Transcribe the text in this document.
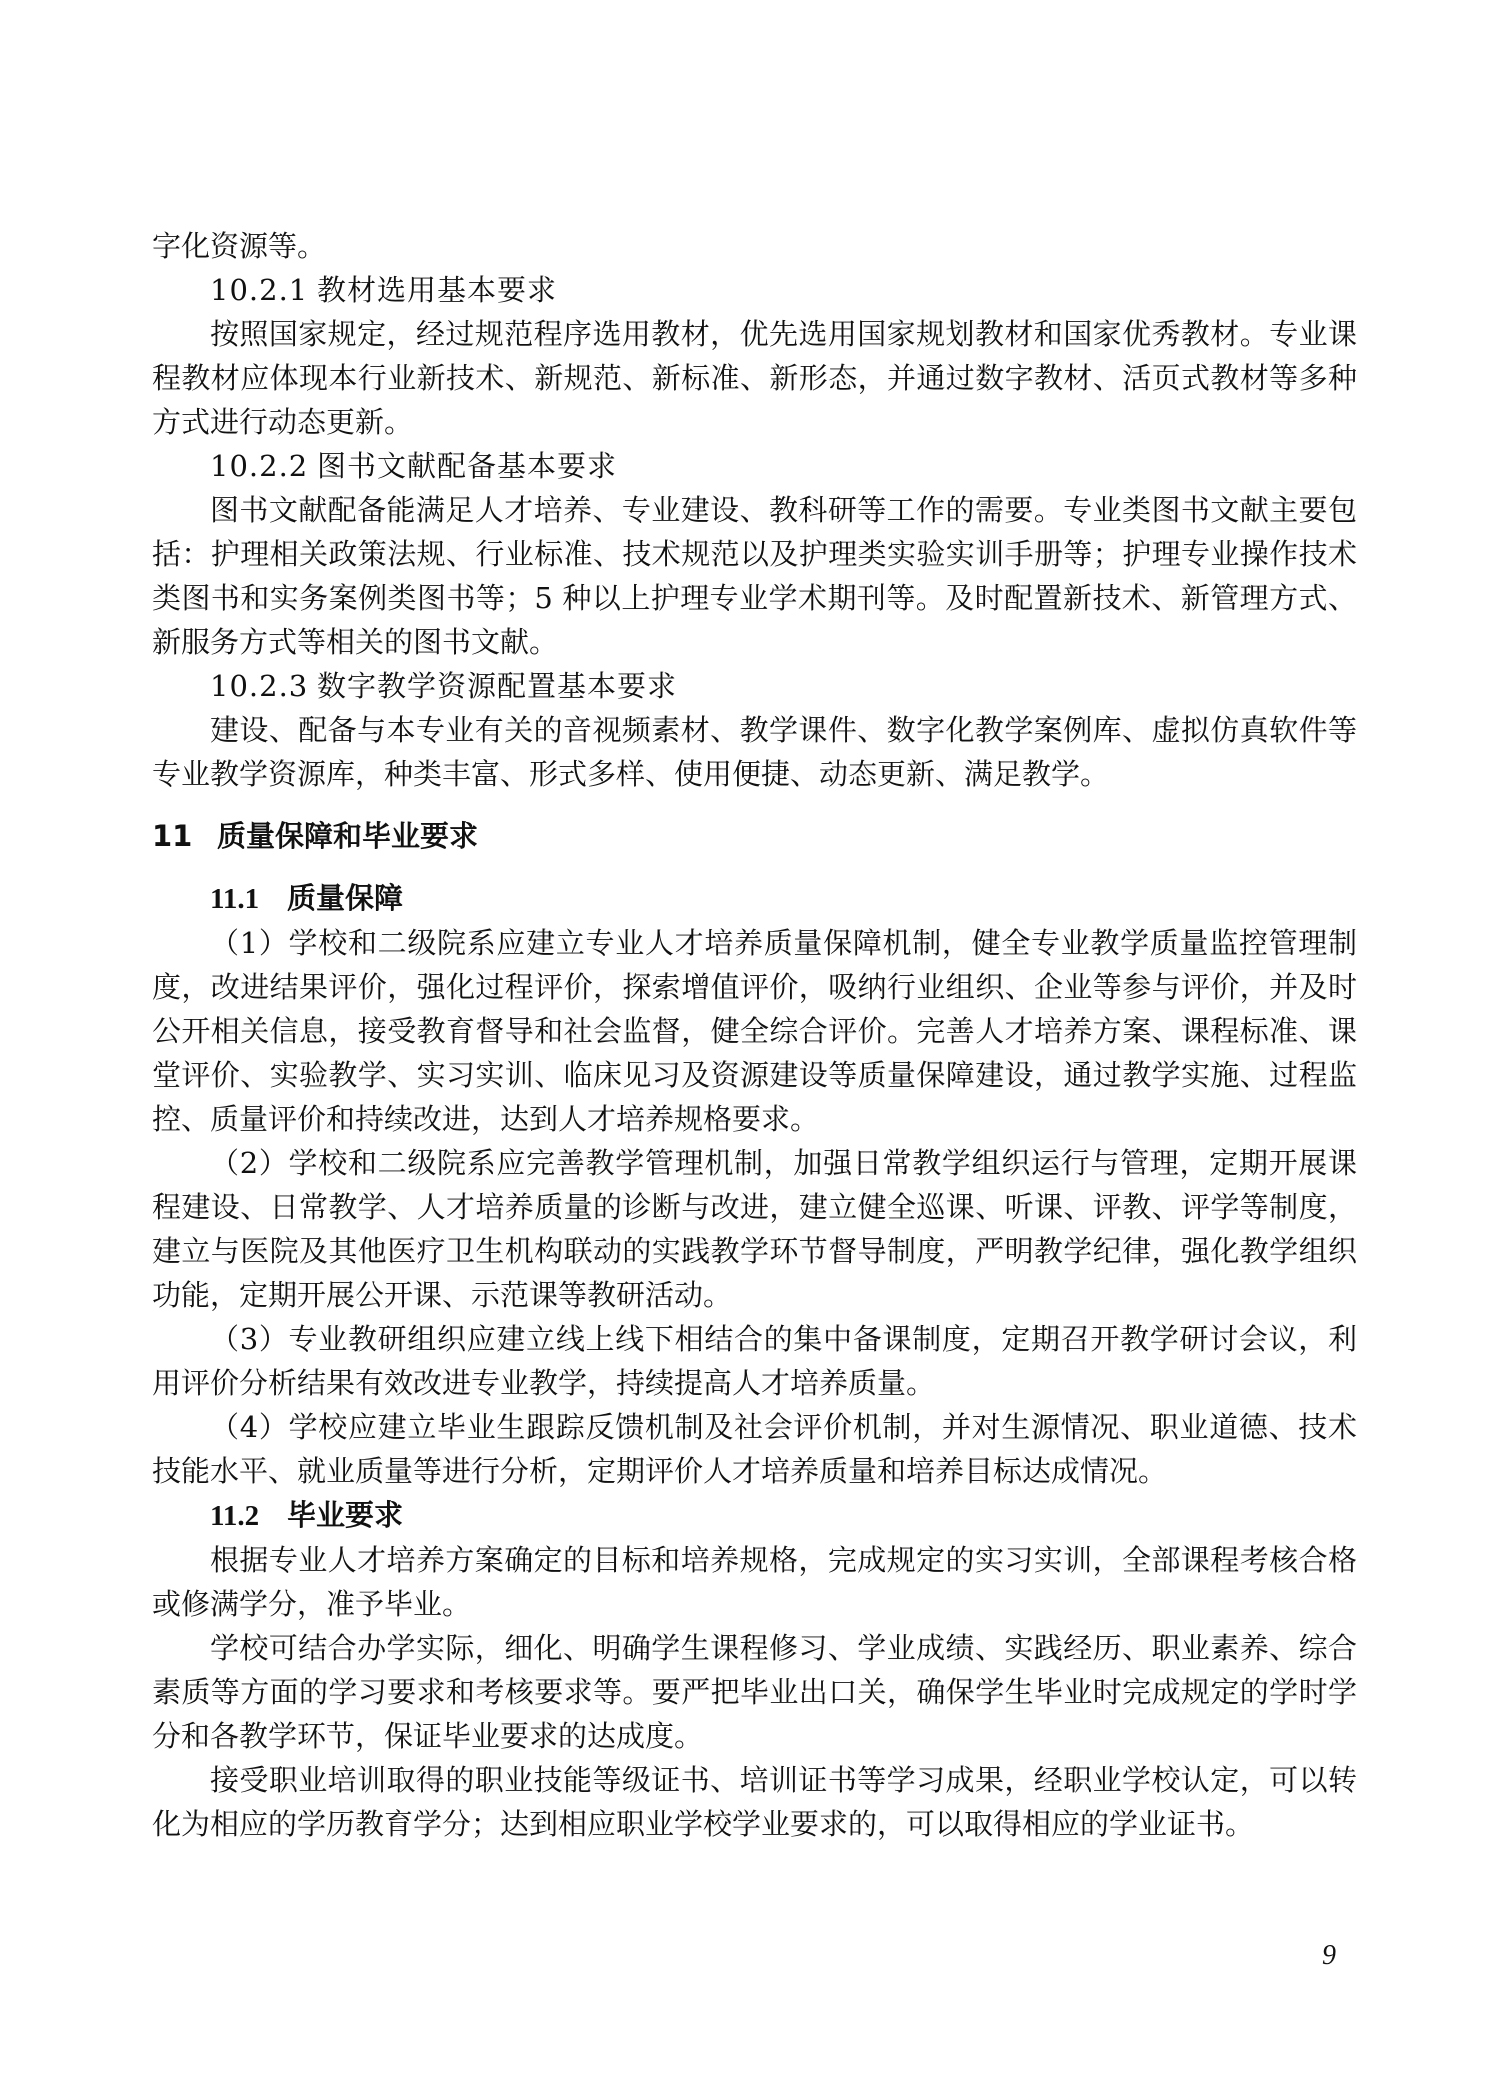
字化资源等。

10.2.1 教材选用基本要求

按照国家规定，经过规范程序选用教材，优先选用国家规划教材和国家优秀教材。专业课程教材应体现本行业新技术、新规范、新标准、新形态，并通过数字教材、活页式教材等多种方式进行动态更新。

10.2.2 图书文献配备基本要求

图书文献配备能满足人才培养、专业建设、教科研等工作的需要。专业类图书文献主要包括：护理相关政策法规、行业标准、技术规范以及护理类实验实训手册等；护理专业操作技术类图书和实务案例类图书等；5 种以上护理专业学术期刊等。及时配置新技术、新管理方式、新服务方式等相关的图书文献。

10.2.3 数字教学资源配置基本要求

建设、配备与本专业有关的音视频素材、教学课件、数字化教学案例库、虚拟仿真软件等专业教学资源库，种类丰富、形式多样、使用便捷、动态更新、满足教学。

11 质量保障和毕业要求
11.1 质量保障

（1）学校和二级院系应建立专业人才培养质量保障机制，健全专业教学质量监控管理制度，改进结果评价，强化过程评价，探索增值评价，吸纳行业组织、企业等参与评价，并及时公开相关信息，接受教育督导和社会监督，健全综合评价。完善人才培养方案、课程标准、课堂评价、实验教学、实习实训、临床见习及资源建设等质量保障建设，通过教学实施、过程监控、质量评价和持续改进，达到人才培养规格要求。

（2）学校和二级院系应完善教学管理机制，加强日常教学组织运行与管理，定期开展课程建设、日常教学、人才培养质量的诊断与改进，建立健全巡课、听课、评教、评学等制度，建立与医院及其他医疗卫生机构联动的实践教学环节督导制度，严明教学纪律，强化教学组织功能，定期开展公开课、示范课等教研活动。

（3）专业教研组织应建立线上线下相结合的集中备课制度，定期召开教学研讨会议，利用评价分析结果有效改进专业教学，持续提高人才培养质量。

（4）学校应建立毕业生跟踪反馈机制及社会评价机制，并对生源情况、职业道德、技术技能水平、就业质量等进行分析，定期评价人才培养质量和培养目标达成情况。

11.2 毕业要求

根据专业人才培养方案确定的目标和培养规格，完成规定的实习实训，全部课程考核合格或修满学分，准予毕业。

学校可结合办学实际，细化、明确学生课程修习、学业成绩、实践经历、职业素养、综合素质等方面的学习要求和考核要求等。要严把毕业出口关，确保学生毕业时完成规定的学时学分和各教学环节，保证毕业要求的达成度。

接受职业培训取得的职业技能等级证书、培训证书等学习成果，经职业学校认定，可以转化为相应的学历教育学分；达到相应职业学校学业要求的，可以取得相应的学业证书。

9
